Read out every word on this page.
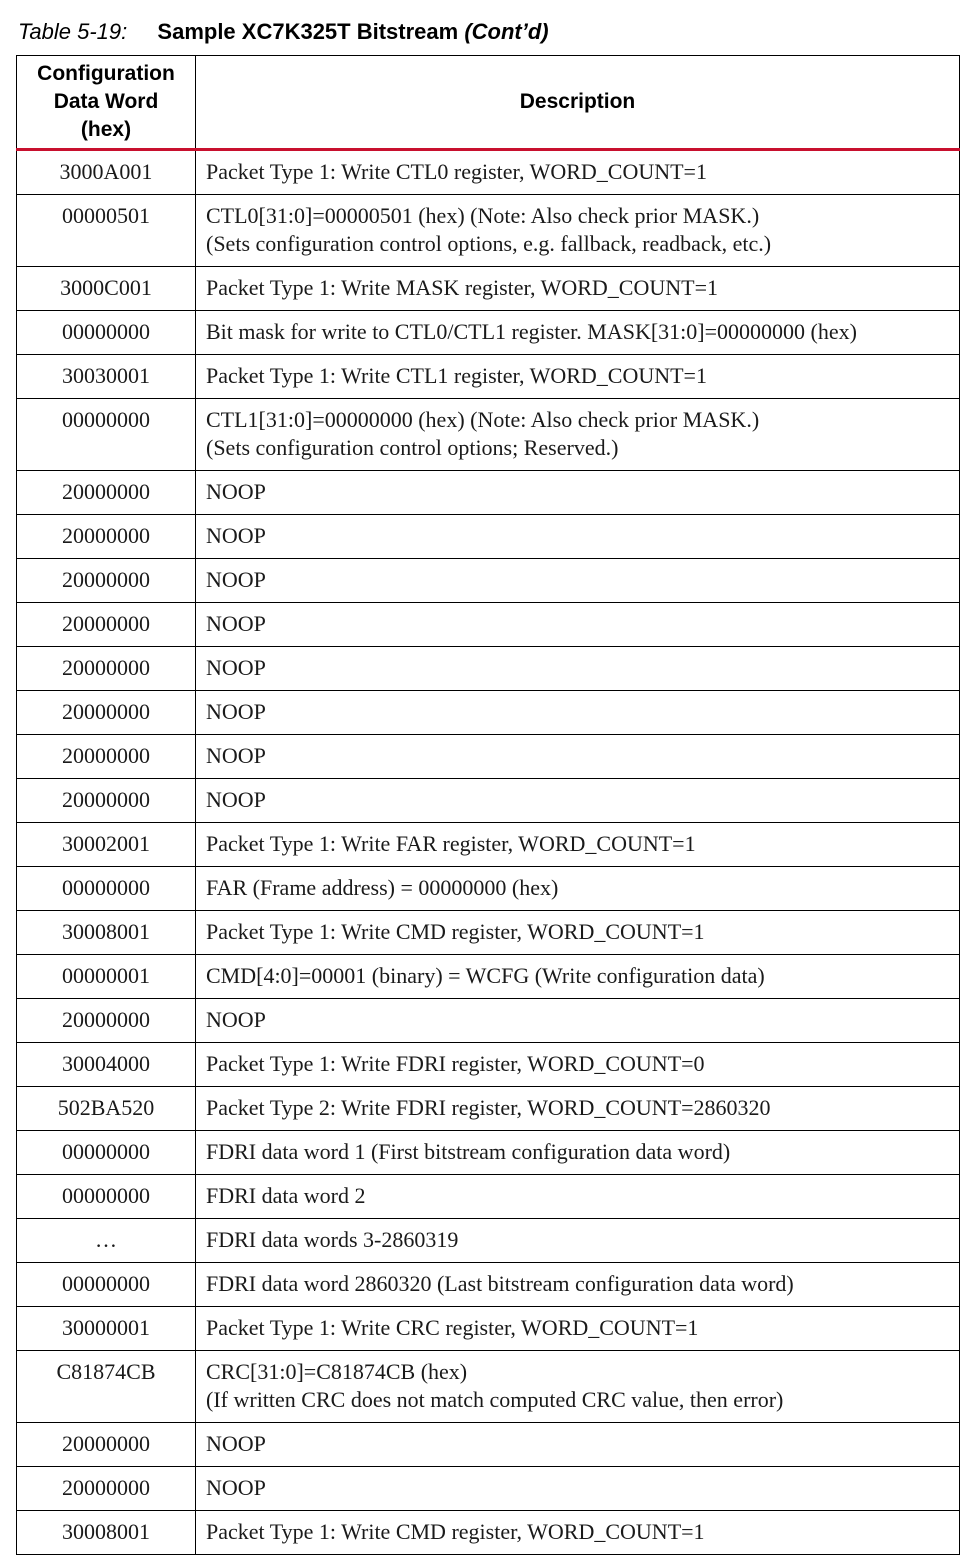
Table 5-19: Sample XC7K325T Bitstream (Cont’d)
Configuration
Data Word
(hex)	Description
3000A001	Packet Type 1: Write CTL0 register, WORD_COUNT=1

00000501	CTL0[31:0]=00000501 (hex) (Note: Also check prior MASK.)
(Sets configuration control options, e.g. fallback, readback, etc.)

3000C001	Packet Type 1: Write MASK register, WORD_COUNT=1

00000000	Bit mask for write to CTL0/CTL1 register. MASK[31:0]=00000000 (hex)

30030001	Packet Type 1: Write CTL1 register, WORD_COUNT=1

00000000	CTL1[31:0]=00000000 (hex) (Note: Also check prior MASK.)
(Sets configuration control options; Reserved.)

20000000	NOOP

20000000	NOOP

20000000	NOOP

20000000	NOOP

20000000	NOOP

20000000	NOOP

20000000	NOOP

20000000	NOOP

30002001	Packet Type 1: Write FAR register, WORD_COUNT=1

00000000	FAR (Frame address) = 00000000 (hex)

30008001	Packet Type 1: Write CMD register, WORD_COUNT=1

00000001	CMD[4:0]=00001 (binary) = WCFG (Write configuration data)

20000000	NOOP

30004000	Packet Type 1: Write FDRI register, WORD_COUNT=0

502BA520	Packet Type 2: Write FDRI register, WORD_COUNT=2860320

00000000	FDRI data word 1 (First bitstream configuration data word)

00000000	FDRI data word 2

…	FDRI data words 3-2860319

00000000	FDRI data word 2860320 (Last bitstream configuration data word)

30000001	Packet Type 1: Write CRC register, WORD_COUNT=1

C81874CB	CRC[31:0]=C81874CB (hex)
(If written CRC does not match computed CRC value, then error)

20000000	NOOP

20000000	NOOP

30008001	Packet Type 1: Write CMD register, WORD_COUNT=1
